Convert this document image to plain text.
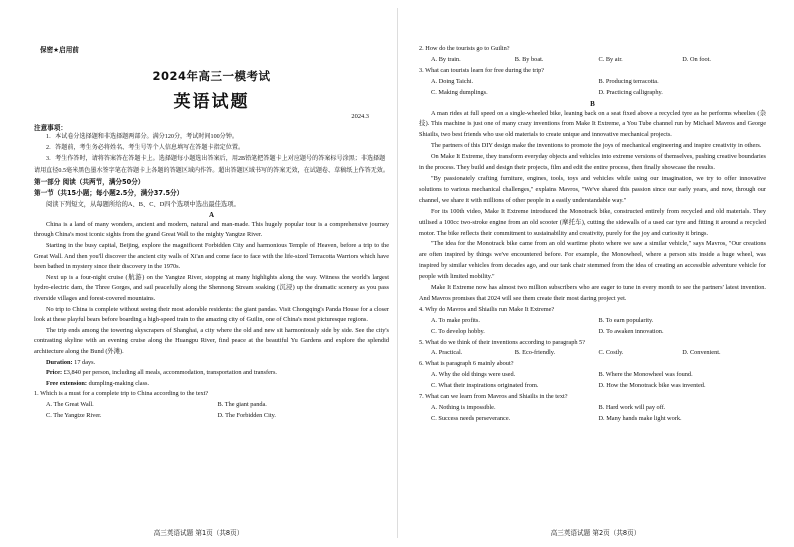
保密★启用前
2024年高三一模考试
英语试题
2024.3
注意事项：

1．本试卷分选择题和非选择题两部分。满分120分，考试时间100分钟。

2．答题前，考生务必将姓名、考生号等个人信息填写在答题卡指定位置。

3．考生作答时，请将答案答在答题卡上。选择题每小题选出答案后，用2B铅笔把答题卡上对应题号的答案标号涂黑；非选择题请用直径0.5毫米黑色墨水签字笔在答题卡上各题的答题区域内作答。超出答题区域书写的答案无效，在试题卷、草稿纸上作答无效。

第一部分 阅读（共两节，满分50分）
第一节（共15小题；每小题2.5分，满分37.5分）
阅读下列短文，从每题所给的A、B、C、D四个选项中选出最佳选项。
A

China is a land of many wonders, ancient and modern, natural and man-made. This hugely popular tour is a comprehensive journey through China's most iconic sights from the grand Great Wall to the mighty Yangtze River.

Starting in the busy capital, Beijing, explore the magnificent Forbidden City and harmonious Temple of Heaven, before a trip to the Great Wall. And then you'll discover the ancient city walls of Xi'an and come face to face with the life-sized Terracotta Warriors which have been bathed in mystery since their discovery in the 1970s.

Next up is a four-night cruise (航游) on the Yangtze River, stopping at many highlights along the way. Witness the world's largest hydro-electric dam, the Three Gorges, and sail peacefully along the Shennong Stream soaking (沉浸) up the dramatic scenery as you pass riverside villages and forest-covered mountains.

No trip to China is complete without seeing their most adorable residents: the giant pandas. Visit Chongqing's Panda House for a closer look at these playful bears before boarding a high-speed train to the amazing city of Guilin, one of China's most picturesque regions.

The trip ends among the towering skyscrapers of Shanghai, a city where the old and new sit harmoniously side by side. See the city's contrasting skyline with an evening cruise along the Huangpu River, find peace at the beautiful Yu Gardens and explore the splendid architecture along the Bund (外滩).

Duration: 17 days.

Price: £3,840 per person, including all meals, accommodation, transportation and transfers.

Free extension: dumpling-making class.

1. Which is a must for a complete trip to China according to the text?
A. The Great Wall.	B. The giant panda.
C. The Yangtze River.	D. The Forbidden City.
高三英语试题 第1页（共8页）
2. How do the tourists go to Guilin?
A. By train.	B. By boat.	C. By air.	D. On foot.
3. What can tourists learn for free during the trip?
A. Doing Taichi.	B. Producing terracotta.
C. Making dumplings.	D. Practicing calligraphy.
B

A man rides at full speed on a single-wheeled bike, leaning back on a seat fixed above a recycled tyre as he performs wheelies (杂技). This machine is just one of many crazy inventions from Make It Extreme, a You Tube channel run by Michael Mavros and George Shiailis, two best friends who use old materials to create unique and innovative mechanical projects.

The partners of this DIY design make the inventions to promote the joys of mechanical engineering and inspire creativity in others.

On Make It Extreme, they transform everyday objects and vehicles into extreme versions of themselves, pushing creative boundaries in the process. They build and design their projects, film and edit the entire process, then finally showcase the results.

"By passionately crafting furniture, engines, tools, toys and vehicles while using our imagination, we try to offer innovative solutions to various mechanical challenges," explains Mavros, "We've shared this passion since our early years, and now, through our channel, we share it with millions of other people in a easily understandable way."

For its 100th video, Make It Extreme introduced the Monotrack bike, constructed entirely from recycled and old materials. They utilised a 100cc two-stroke engine from an old scooter (摩托车), cutting the sidewalls of a used car tyre and fitting it around a recycled motor. The bike reflects their commitment to sustainability and creativity, purely for the joy and curiosity it brings.

"The idea for the Monotrack bike came from an old wartime photo where we saw a similar vehicle," says Mavros, "Our creations are often inspired by things we've encountered before. For example, the Monowheel, where a person sits inside a huge wheel, was inspired by similar vehicles from decades ago, and our tank chair stemmed from the idea of creating an accessible adventure vehicle for people with limited mobility."

Make It Extreme now has almost two million subscribers who are eager to tune in every month to see the partners' latest invention. And Mavros promises that 2024 will see them create their most daring project yet.

4. Why do Mavros and Shiailis run Make It Extreme?
A. To make profits.	B. To earn popularity.
C. To develop hobby.	D. To awaken innovation.
5. What do we think of their inventions according to paragraph 5?
A. Practical.	B. Eco-friendly.	C. Costly.	D. Convenient.
6. What is paragraph 6 mainly about?
A. Why the old things were used.	B. Where the Monowheel was found.
C. What their inspirations originated from.	D. How the Monotrack bike was invented.
7. What can we learn from Mavros and Shiailis in the text?
A. Nothing is impossible.	B. Hard work will pay off.
C. Success needs perseverance.	D. Many hands make light work.
高三英语试题 第2页（共8页）
